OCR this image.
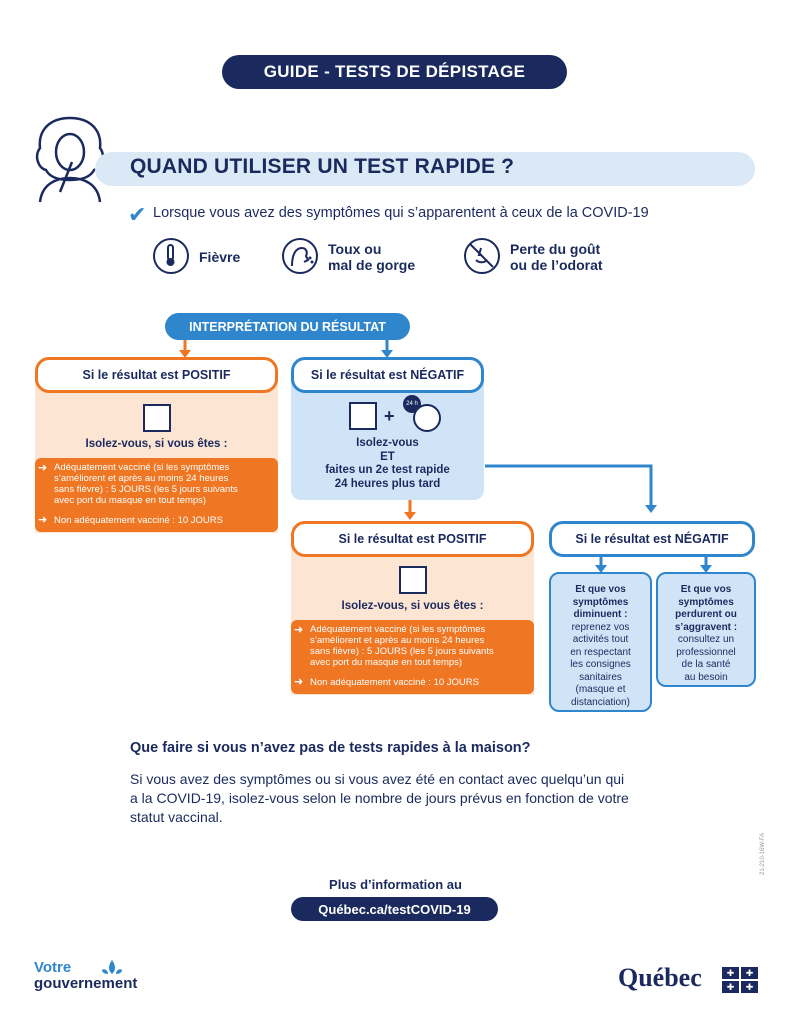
GUIDE - TESTS DE DÉPISTAGE
QUAND UTILISER UN TEST RAPIDE ?
✔ Lorsque vous avez des symptômes qui s’apparentent à ceux de la COVID-19
Fièvre	Toux ou
mal de gorge
Perte du goût
ou de l’odorat
INTERPRÉTATION DU RÉSULTAT
Si le résultat est POSITIF
Isolez-vous, si vous êtes :
➜ Adéquatement vacciné (si les symptômes
s’améliorent et après au moins 24 heures
sans fièvre) : 5 JOURS (les 5 jours suivants
avec port du masque en tout temps)
➜ Non adéquatement vacciné : 10 JOURS
Si le résultat est NÉGATIF
+
24 h
Isolez-vous
ET
faites un 2e test rapide
24 heures plus tard
Si le résultat est POSITIF
Isolez-vous, si vous êtes :
➜ Adéquatement vacciné (si les symptômes
s’améliorent et après au moins 24 heures
sans fièvre) : 5 JOURS (les 5 jours suivants
avec port du masque en tout temps)
➜ Non adéquatement vacciné : 10 JOURS
Si le résultat est NÉGATIF
Et que vos
symptômes
diminuent :
reprenez vos
activités tout
en respectant
les consignes
sanitaires
(masque et
distanciation)
Et que vos
symptômes
perdurent ou
s’aggravent :
consultez un
professionnel
de la santé
au besoin
Que faire si vous n’avez pas de tests rapides à la maison?
Si vous avez des symptômes ou si vous avez été en contact avec quelqu’un qui
a la COVID-19, isolez-vous selon le nombre de jours prévus en fonction de votre
statut vaccinal.
Plus d’information au
Québec.ca/testCOVID-19
21-210-16W-FA
Votre
gouvernement	Québec	✚	✚
✚	✚
